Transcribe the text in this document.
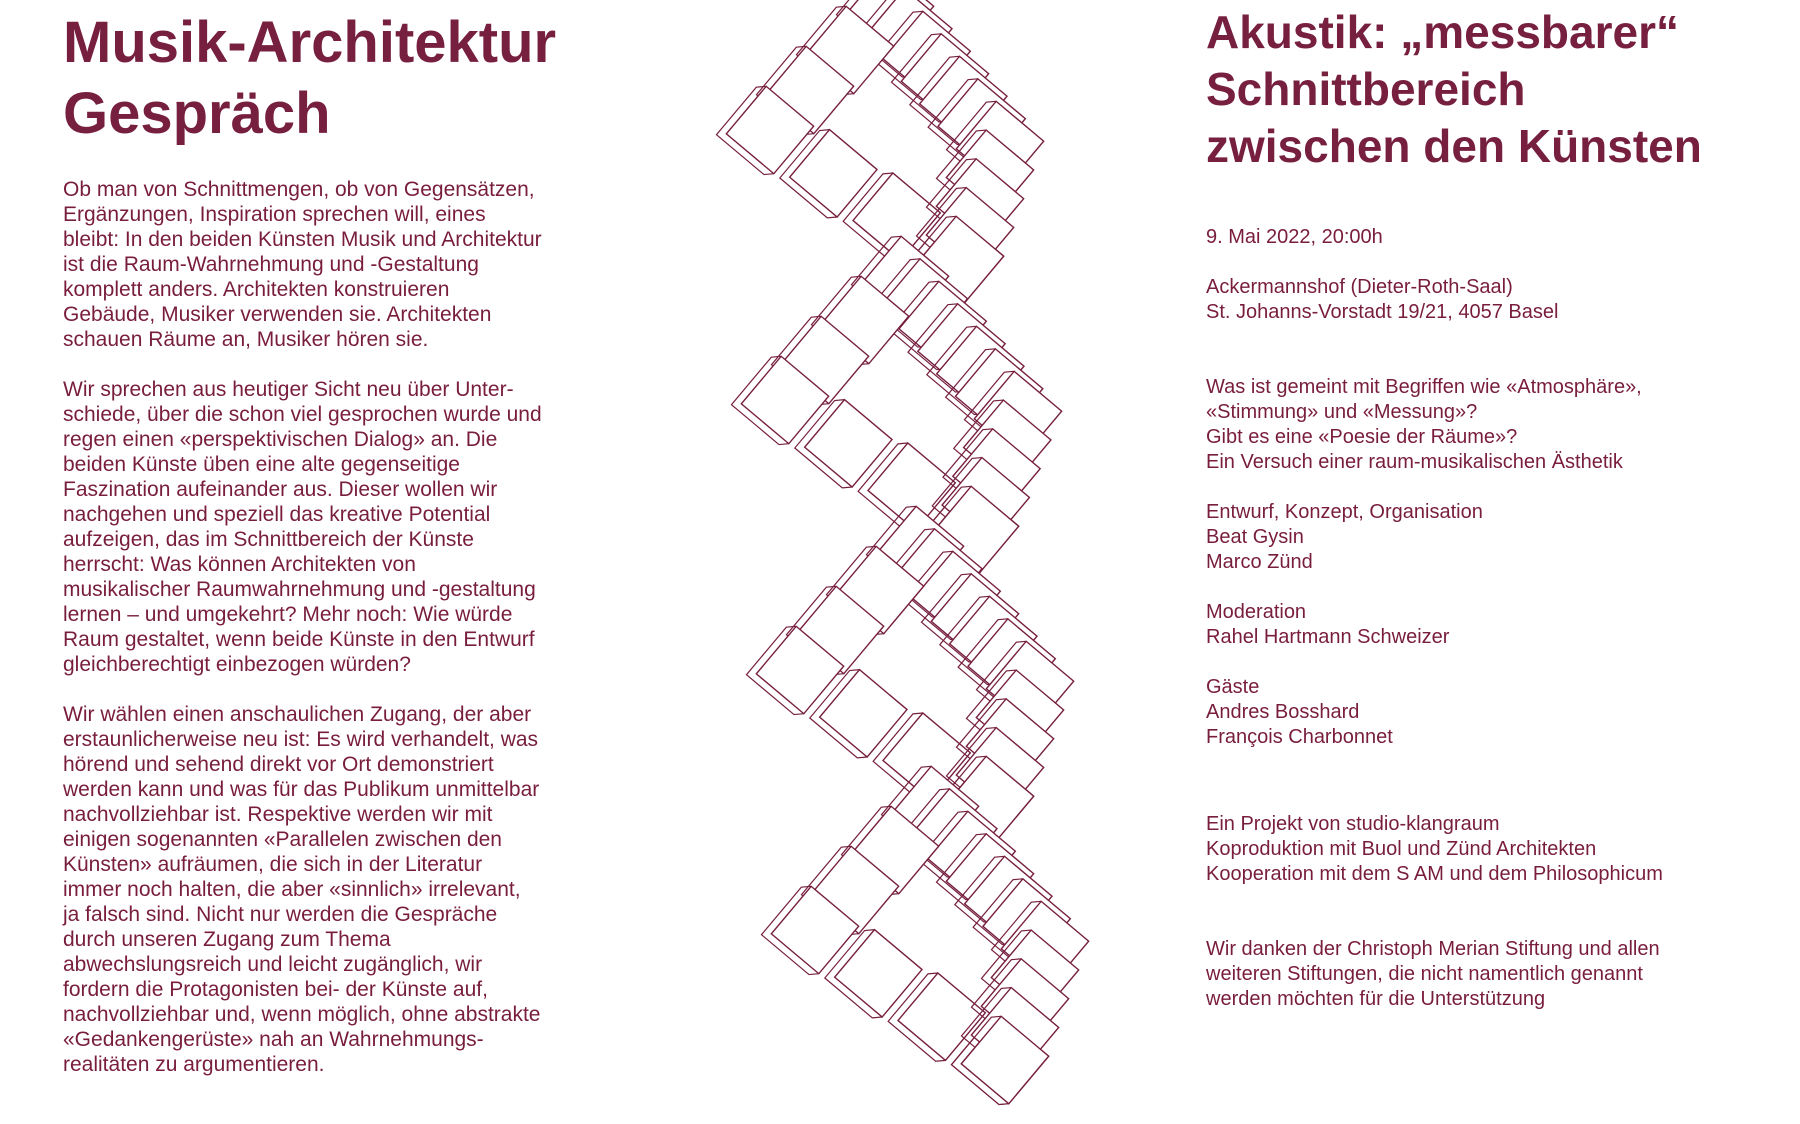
Musik-Architektur
Gespräch

Ob man von Schnittmengen, ob von Gegensätzen,
Ergänzungen, Inspiration sprechen will, eines
bleibt: In den beiden Künsten Musik und Architektur
ist die Raum-Wahrnehmung und -Gestaltung
komplett anders. Architekten konstruieren
Gebäude, Musiker verwenden sie. Architekten
schauen Räume an, Musiker hören sie.

Wir sprechen aus heutiger Sicht neu über Unter-
schiede, über die schon viel gesprochen wurde und
regen einen «perspektivischen Dialog» an. Die
beiden Künste üben eine alte gegenseitige
Faszination aufeinander aus. Dieser wollen wir
nachgehen und speziell das kreative Potential
aufzeigen, das im Schnittbereich der Künste
herrscht: Was können Architekten von
musikalischer Raumwahrnehmung und -gestaltung
lernen – und umgekehrt? Mehr noch: Wie würde
Raum gestaltet, wenn beide Künste in den Entwurf
gleichberechtigt einbezogen würden?

Wir wählen einen anschaulichen Zugang, der aber
erstaunlicherweise neu ist: Es wird verhandelt, was
hörend und sehend direkt vor Ort demonstriert
werden kann und was für das Publikum unmittelbar
nachvollziehbar ist. Respektive werden wir mit
einigen sogenannten «Parallelen zwischen den
Künsten» aufräumen, die sich in der Literatur
immer noch halten, die aber «sinnlich» irrelevant,
ja falsch sind. Nicht nur werden die Gespräche
durch unseren Zugang zum Thema
abwechslungsreich und leicht zugänglich, wir
fordern die Protagonisten bei- der Künste auf,
nachvollziehbar und, wenn möglich, ohne abstrakte
«Gedankengerüste» nah an Wahrnehmungs-
realitäten zu argumentieren.

Akustik: „messbarer“
Schnittbereich
zwischen den Künsten

9. Mai 2022, 20:00h

Ackermannshof (Dieter-Roth-Saal)
St. Johanns-Vorstadt 19/21, 4057 Basel

Was ist gemeint mit Begriffen wie «Atmosphäre»,
«Stimmung» und «Messung»?
Gibt es eine «Poesie der Räume»?
Ein Versuch einer raum-musikalischen Ästhetik

Entwurf, Konzept, Organisation
Beat Gysin
Marco Zünd

Moderation
Rahel Hartmann Schweizer

Gäste
Andres Bosshard
François Charbonnet

Ein Projekt von studio-klangraum
Koproduktion mit Buol und Zünd Architekten
Kooperation mit dem S AM und dem Philosophicum

Wir danken der Christoph Merian Stiftung und allen
weiteren Stiftungen, die nicht namentlich genannt
werden möchten für die Unterstützung
